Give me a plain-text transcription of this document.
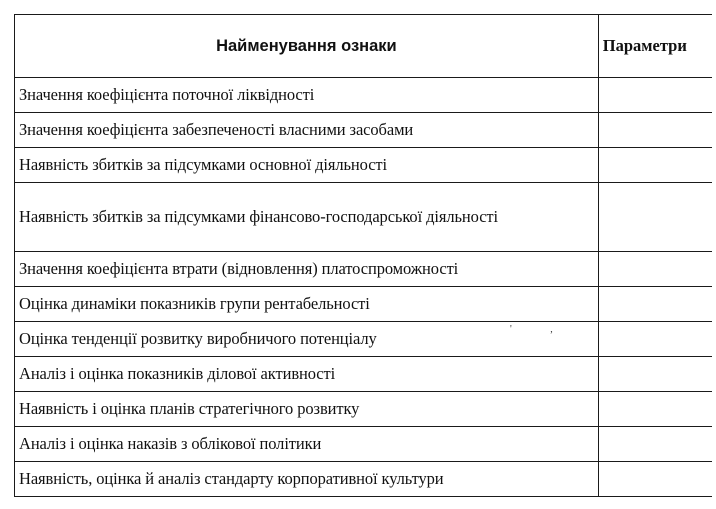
Найменування ознаки	Параметри
Значення коефіцієнта поточної ліквідності	
Значення коефіцієнта забезпеченості власними засобами	
Наявність збитків за підсумками основної діяльності	
Наявність збитків за підсумками фінансово-господарської діяльності	
Значення коефіцієнта втрати (відновлення) платоспроможності	
Оцінка динаміки показників групи рентабельності	
Оцінка тенденції розвитку виробничого потенціалу	
Аналіз і оцінка показників ділової активності	
Наявність і оцінка планів стратегічного розвитку	
Аналіз і оцінка наказів з облікової політики	
Наявність, оцінка й аналіз стандарту корпоративної культури	
' ,
